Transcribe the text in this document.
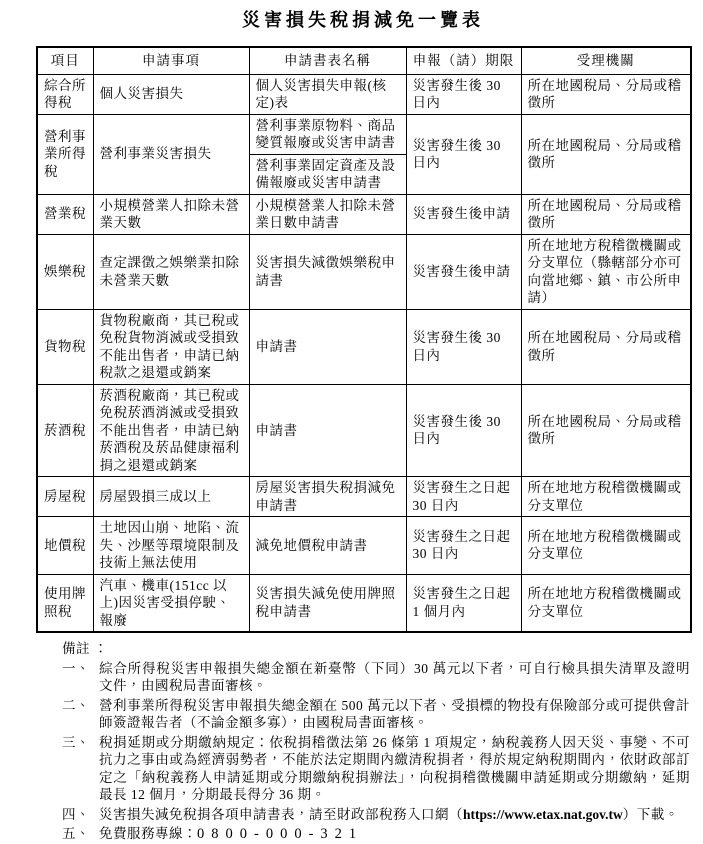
災害損失稅捐減免一覽表
項目	申請事項	申請書表名稱	申報（請）期限	受理機關
綜合所得稅	個人災害損失	個人災害損失申報(核定)表	災害發生後 30 日內	所在地國稅局、分局或稽徵所
營利事業所得稅	營利事業災害損失	營利事業原物料、商品變質報廢或災害申請書	災害發生後 30 日內	所在地國稅局、分局或稽徵所
		營利事業固定資產及設備報廢或災害申請書		
營業稅	小規模營業人扣除未營業天數	小規模營業人扣除未營業日數申請書	災害發生後申請	所在地國稅局、分局或稽徵所
娛樂稅	查定課徵之娛樂業扣除未營業天數	災害損失減徵娛樂稅申請書	災害發生後申請	所在地地方稅稽徵機關或分支單位（縣轄部分亦可向當地鄉、鎮、市公所申請）
貨物稅	貨物稅廠商，其已稅或免稅貨物消滅或受損致不能出售者，申請已納稅款之退還或銷案	申請書	災害發生後 30 日內	所在地國稅局、分局或稽徵所
菸酒稅	菸酒稅廠商，其已稅或免稅菸酒消滅或受損致不能出售者，申請已納菸酒稅及菸品健康福利捐之退還或銷案	申請書	災害發生後 30 日內	所在地國稅局、分局或稽徵所
房屋稅	房屋毀損三成以上	房屋災害損失稅捐減免申請書	災害發生之日起 30 日內	所在地地方稅稽徵機關或分支單位
地價稅	土地因山崩、地陷、流失、沙壓等環境限制及技術上無法使用	減免地價稅申請書	災害發生之日起 30 日內	所在地地方稅稽徵機關或分支單位
使用牌照稅	汽車、機車(151cc 以上)因災害受損停駛、報廢	災害損失減免使用牌照稅申請書	災害發生之日起 1 個月內	所在地地方稅稽徵機關或分支單位
備註 ：
一、 綜合所得稅災害申報損失總金額在新臺幣（下同）30 萬元以下者，可自行檢具損失清單及證明文件，由國稅局書面審核。
二、 營利事業所得稅災害申報損失總金額在 500 萬元以下者、受損標的物投有保險部分或可提供會計師簽證報告者（不論金額多寡），由國稅局書面審核。
三、 稅捐延期或分期繳納規定：依稅捐稽徵法第 26 條第 1 項規定，納稅義務人因天災、事變、不可抗力之事由或為經濟弱勢者，不能於法定期間內繳清稅捐者，得於規定納稅期間內，依財政部訂定之「納稅義務人申請延期或分期繳納稅捐辦法」，向稅捐稽徵機關申請延期或分期繳納，延期最長 12 個月，分期最長得分 36 期。
四、 災害損失減免稅捐各項申請書表，請至財政部稅務入口網（https://www.etax.nat.gov.tw）下載。
五、 免費服務專線：0800-000-321
